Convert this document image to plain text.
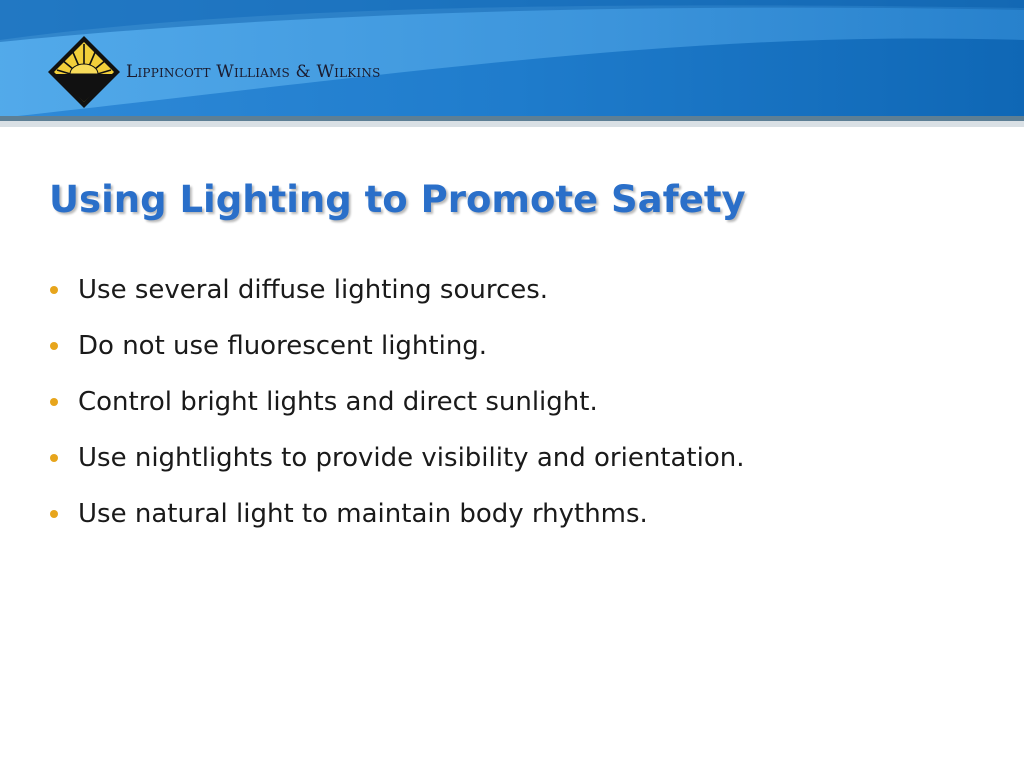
Lippincott Williams & Wilkins
Using Lighting to Promote Safety
Use several diffuse lighting sources.
Do not use fluorescent lighting.
Control bright lights and direct sunlight.
Use nightlights to provide visibility and orientation.
Use natural light to maintain body rhythms.
